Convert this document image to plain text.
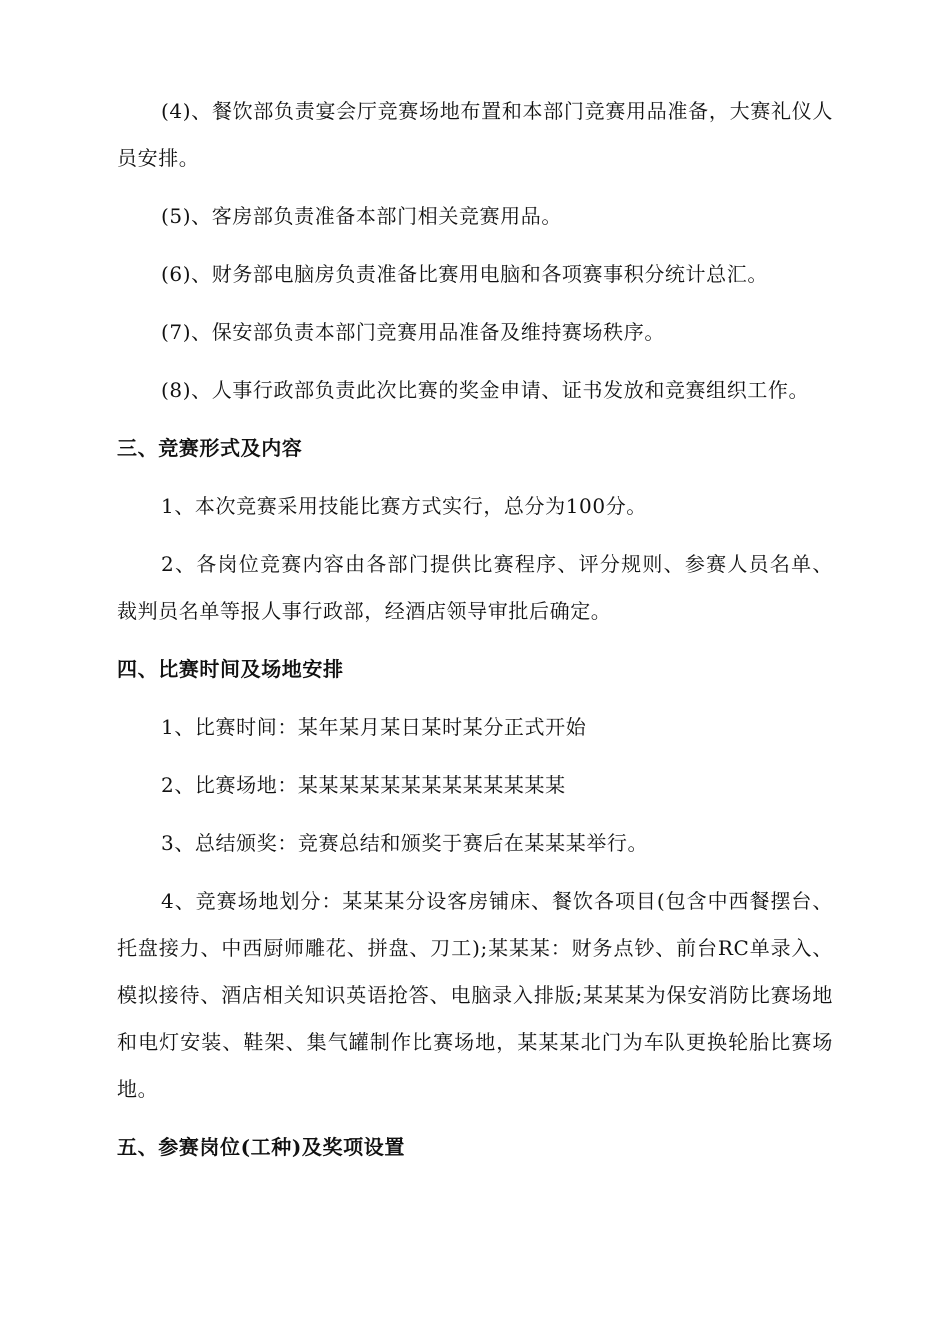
(4)、餐饮部负责宴会厅竞赛场地布置和本部门竞赛用品准备，大赛礼仪人员安排。

(5)、客房部负责准备本部门相关竞赛用品。

(6)、财务部电脑房负责准备比赛用电脑和各项赛事积分统计总汇。

(7)、保安部负责本部门竞赛用品准备及维持赛场秩序。

(8)、人事行政部负责此次比赛的奖金申请、证书发放和竞赛组织工作。

三、竞赛形式及内容

1、本次竞赛采用技能比赛方式实行，总分为100分。

2、各岗位竞赛内容由各部门提供比赛程序、评分规则、参赛人员名单、裁判员名单等报人事行政部，经酒店领导审批后确定。

四、比赛时间及场地安排

1、比赛时间：某年某月某日某时某分正式开始

2、比赛场地：某某某某某某某某某某某某某

3、总结颁奖：竞赛总结和颁奖于赛后在某某某举行。

4、竞赛场地划分：某某某分设客房铺床、餐饮各项目(包含中西餐摆台、托盘接力、中西厨师雕花、拼盘、刀工);某某某：财务点钞、前台RC单录入、模拟接待、酒店相关知识英语抢答、电脑录入排版;某某某为保安消防比赛场地和电灯安装、鞋架、集气罐制作比赛场地，某某某北门为车队更换轮胎比赛场地。

五、参赛岗位(工种)及奖项设置
